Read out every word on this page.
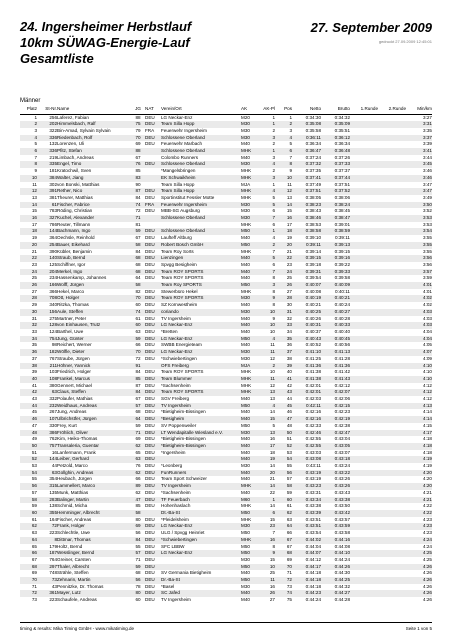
24. Ingersheimer Herbstlauf
10km SÜWAG-Energie-Lauf
Gesamtliste
27. September 2009
gedruckt 27.09.2009 12:45:01
Männer
Platz	St-Nr.	Name	JG	NAT	Verein/Ort	AK	AK-Pl	Pos	Netto	Brutto	1.Runde	2.Runde	Min/km
1	256	Laferez, Fabian	88	DEU	LG Neckar-Enz	M20	1	1	0:34:30	0:34:32			3:27
2	202	Himmelsbach, Ralf	75	DEU	Team Silla Hopp	M30	1	2	0:35:08	0:35:09			3:31
3	322	Bin-Amad, Sylvain Sylvain	79	FRA	Feuerwehr Ingersheim	M30	2	3	0:35:58	0:35:51			3:35
4	336	Riedenbach, Rolf	70	DEU	Schlossene Oberland	M30	3	4	0:36:11	0:36:12			3:37
5	132	Lorenzen, Uli	69	DEU	Feuerwehr Marbach	M40	2	5	0:36:34	0:36:34			3:39
6	336	Pfitz, Stefan	88		Schlossene Oberland	MHK	1	6	0:36:47	0:36:48			3:41
7	219	Limbach, Andreas	67		Colombo Runners	M40	3	7	0:37:24	0:37:26			3:44
8	335	Engel, Timo	76	DEU	Schlossene Oberland	M30	4	8	0:37:32	0:37:33			3:45
9	181	Kratochwil, Sven	85		*Mangelsbringen	MHK	2	9	0:37:35	0:37:37			3:46
10	384	Walter, Jiang	83		EK Schwaikheim	MHK	3	10	0:37:41	0:37:44			3:46
11	302	von Bonski, Matthias	90		Team Silla Hopp	MJA	1	11	0:37:49	0:37:51			3:47
12	391	Rether, Nico	87	DEU	Team Silla Hopp	MHK	4	12	0:37:51	0:37:52			3:47
13	381	Theurer, Matthias	84	DEU	Sportinstitut Fessler Motte	MHK	5	13	0:38:05	0:38:06			3:49
14	61	Fischer, Fabrice	74	FRA	Feuerwehr Ingersheim	M30	5	14	0:38:23	0:38:24			3:50
15	783	Röding, Christian	72	DEU	MBB-SG Augsburg	M30	6	15	0:38:43	0:38:45			3:52
16	327	Kuchel, Alexander	71		Schlossene Oberland	M30	7	16	0:38:46	0:38:47			3:53
17	786	Reuter, Tillmann	81			MHK	6	17	0:38:53	0:39:01			3:53
18	144	Bachmann, Ingo	59	DEU	Schlossene Oberland	M50	1	18	0:38:58	0:38:59			3:54
19	364	Oechsle, Reinhold	67	DEU	Laufteff Altburg	M40	4	19	0:39:10	0:39:11			3:55
20	254	Bauer, Eikehard	58	DEU	Robert Bosch GmbH	M50	2	20	0:39:11	0:39:13			3:55
21	390	Kübler, Benjamin	84	DEU	Team Roy Sorts	MHK	7	21	0:39:14	0:39:15			3:55
22	140	Straub, Bernd	68	DEU	Lienzingen	M40	5	22	0:39:15	0:39:16			3:56
23	125	Schiffner, Igor	68	DEU	Spvgg Besigheim	M40	6	23	0:39:18	0:39:22			3:56
24	204	Merkel, Ingo	68	DEU	Team ROY SPORTS	M40	7	24	0:39:31	0:39:33			3:57
25	234	Hassenkamp, Johannes	64	DEU	Team ROY SPORTS	M40	8	25	0:39:54	0:39:58			3:59
26	166	Wolff, Jürgen	58		Team Roy SPORTS	M50	3	26	0:40:07	0:40:09			4:01
27	366	Hekel, Marco	82	DEU	Stewerbüro Hekel	MHK	8	27	0:40:08	0:40:11			4:01
28	708	Ott, Holger	70	DEU	Team ROY SPORTS	M30	9	28	0:40:19	0:40:21			4:02
29	340	Ritzka, Thomas	60	DEU	SZ Kornwestheim	M40	8	30	0:40:21	0:40:24			4:02
30	156	Aule, Steffen	74	DEU	coriando	M30	10	31	0:40:25	0:40:27			4:03
31	275	Martner, Peter	61	DEU	TV Ingersheim	M40	9	32	0:40:26	0:40:28			4:03
32	128	von Einhausen, Trutz	60	DEU	LG Neckar-Enz	M40	10	33	0:40:31	0:40:33			4:03
33	124	Barthel, Uwe	63	DEU	*Bretten	M40	10	34	0:40:37	0:40:40			4:04
34	754	Jung, Günter	59	DEU	LG Neckar-Enz	M50	4	35	0:40:43	0:40:45			4:04
35	98	Reichert, Werner	66	DEU	SWBB Energieteam	M40	11	36	0:40:52	0:40:56			4:05
36	182	Wölfle, Dieter	70	DEU	LG Neckar-Enz	M30	11	37	0:41:10	0:41:13			4:07
37	767	Straube, Jürgen	72	DEU	*Schwiebertingen	M30	12	38	0:41:25	0:41:28			4:09
38	211	Höhner, Yannick	91		OFS Freiberg	MJA	2	39	0:41:36	0:41:36			4:10
39	103	Friedrich, Holger	84	DEU	Team ROY SPORTS	MHK	10	40	0:41:38	0:41:42			4:10
40	108	Frankel, Marcus	85	DEU	Team Blummer	MHK	11	41	0:41:38	0:41:43			4:10
41	380	Gennert, Michael	87	DEU	*Sachsenheim	MHK	12	42	0:42:01	0:42:12			4:12
42	63	Claus, Steffen	84	DEU	Team ROY SPORTS	MHK	13	43	0:42:01	0:42:07			4:12
43	332	Polaufer, Mathias	67	DEU	SGV Freiberg	M40	13	44	0:42:03	0:42:06			4:12
44	232	Weidhaus, Andreas	57	DEU	TV Ingersheim	M50	4	45	0:42:11	0:42:15			4:13
45	267	Jung, Andreas	68	DEU	*Bietigheim-Bissingen	M40	14	46	0:42:16	0:42:23			4:14
46	107	Ulbrichstfer, Jürgen	64	DEU	*Besigheim	M40	15	47	0:42:16	0:42:19			4:14
47	330	Frey, Kurt	59	DEU	SV Poppenweiler	M50	5	48	0:42:33	0:42:38			4:15
48	386	Fröhlich, Oliver	71	DEU	LT Wendapitalle Wiesland e.V.	M30	13	50	0:42:46	0:42:47			4:17
49	762	Kim, Heiko-Thomas	69	DEU	*Bietigheim-Bissingen	M40	16	51	0:42:55	0:43:04			4:18
50	757	Transaleria, Guentar	62	DEU	*Bietigheim-Bissingen	M40	17	52	0:42:55	0:43:05			4:18
51	16	Lanfermann, Frank	65	DEU	*Ingersheim	M40	18	53	0:43:03	0:43:07			4:18
52	144	Leiber, Gerhard	63	DEU		M40	19	54	0:43:08	0:43:18			4:19
53	44	Petzold, Marco	76	DEU	*Leonberg	M30	14	55	0:43:11	0:43:24			4:19
54	63	Gollghin, Andreas	62	DEU	FunRunners	M40	20	56	0:43:19	0:43:22			4:20
55	354	Heubach, Jürgen	66	DEU	Team Sport Schweizer	M40	21	57	0:43:19	0:43:26			4:20
56	315	Lammellert, Marco	89	DEU	TV Ingersheim	MHK	14	58	0:43:23	0:43:26			4:20
57	135	Munk, Matthias	62	DEU	*Sachsenheim	M40	22	59	0:43:31	0:43:43			4:21
58	283	Balinger, Martin	47	DEU	TF Feuerbach	M60	1	60	0:43:34	0:43:38			4:21
59	138	Schmid, Micha	85	DEU	Hohenhaslach	MHK	14	61	0:43:38	0:43:50			4:22
60	355	Hemminger, Albrecht	58		Dt.-Ba-St	M50	6	62	0:43:39	0:43:42			4:22
61	164	Fischer, Andreas	80	DEU	*Pleidelsheim	MHK	15	63	0:43:51	0:43:57			4:23
62	72	Frank, Holger	69	DEU	LG Neckar-Enz	M30	23	64	0:43:51	0:43:59			4:23
63	223	Schlechtle, Uwe	56	DEU	ULG / Spvgg Heinriet	M50	7	66	0:43:54	0:43:58			4:23
64	8	Dittmar, Thomas	84	DEU	*Schwiebertingen	MHK	16	67	0:44:02	0:44:16			4:24
65	179	Holtz, Bernd	55	DEU	SFC LBBW	M50	8	67	0:44:04	0:44:08			4:24
66	187	Wesslinger, Bernd	57	DEU	LG Neckar-Enz	M50	9	68	0:44:07	0:44:10			4:25
67	764	Greiner, Carsten	71	DEU		M30	15	69	0:44:12	0:44:24			4:25
68	297	Thaler, Albrecht	59	DEU		M50	10	70	0:44:17	0:44:26			4:26
69	748	Strähle, Steffen	68	DEU	SV Germania Bietigheim	M40	25	71	0:44:18	0:44:30			4:26
70	73	Zehnarin, Martin	56	DEU	Dr.-Ba-St	M50	11	72	0:44:18	0:44:25			4:26
71	43	Pennitzke, Dr. Thomas	78	DEU	*Basel	M30	16	73	0:44:18	0:44:32			4:26
72	361	Mayer, Lutz	80	DEU	SC Jafed	M40	26	74	0:44:23	0:44:27			4:26
73	223	Schaufele, Andreas	60	DEU	TV Ingersheim	M40	27	75	0:44:24	0:44:28			4:26
timing & results: Mika Timing GmbH - www.mikatiming.de	Seite 1 von 5
